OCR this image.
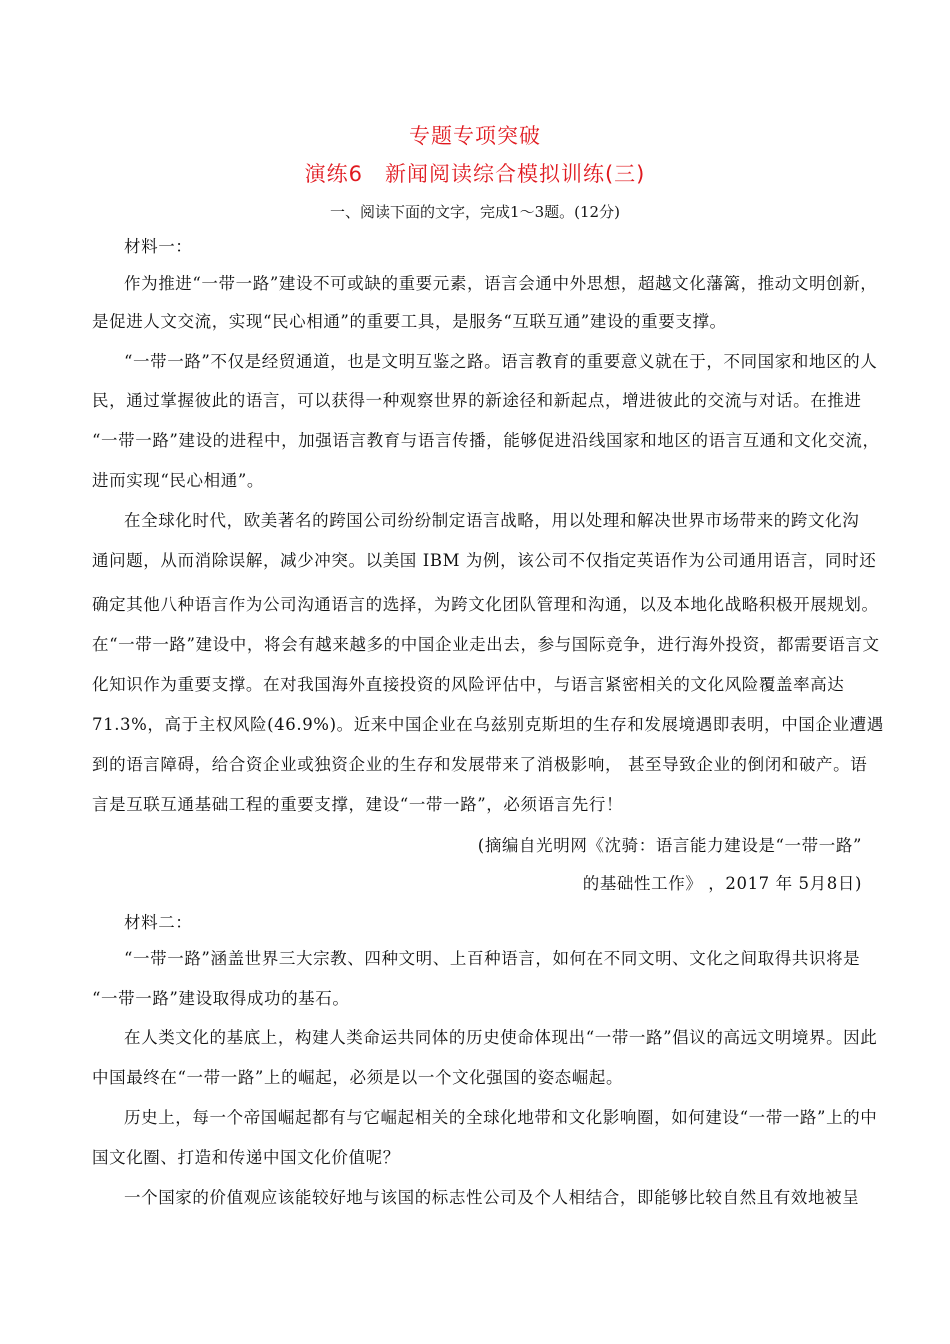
专题专项突破
演练6 新闻阅读综合模拟训练(三)
一、阅读下面的文字，完成1～3题。(12分)
材料一：
作为推进“一带一路”建设不可或缺的重要元素，语言会通中外思想，超越文化藩篱，推动文明创新，
是促进人文交流，实现“民心相通”的重要工具，是服务“互联互通”建设的重要支撑。
“一带一路”不仅是经贸通道，也是文明互鉴之路。语言教育的重要意义就在于，不同国家和地区的人
民，通过掌握彼此的语言，可以获得一种观察世界的新途径和新起点，增进彼此的交流与对话。在推进
“一带一路”建设的进程中，加强语言教育与语言传播，能够促进沿线国家和地区的语言互通和文化交流，
进而实现“民心相通”。
在全球化时代，欧美著名的跨国公司纷纷制定语言战略，用以处理和解决世界市场带来的跨文化沟
通问题，从而消除误解，减少冲突。以美国 IBM 为例，该公司不仅指定英语作为公司通用语言，同时还
确定其他八种语言作为公司沟通语言的选择，为跨文化团队管理和沟通，以及本地化战略积极开展规划。
在“一带一路”建设中，将会有越来越多的中国企业走出去，参与国际竞争，进行海外投资，都需要语言文
化知识作为重要支撑。在对我国海外直接投资的风险评估中，与语言紧密相关的文化风险覆盖率高达
71.3%，高于主权风险(46.9%)。近来中国企业在乌兹别克斯坦的生存和发展境遇即表明，中国企业遭遇
到的语言障碍，给合资企业或独资企业的生存和发展带来了消极影响， 甚至导致企业的倒闭和破产。语
言是互联互通基础工程的重要支撑，建设“一带一路”，必须语言先行！
(摘编自光明网《沈骑：语言能力建设是“一带一路”
的基础性工作》 ，2017 年 5月8日)
材料二：
“一带一路”涵盖世界三大宗教、四种文明、上百种语言，如何在不同文明、文化之间取得共识将是
“一带一路”建设取得成功的基石。
在人类文化的基底上，构建人类命运共同体的历史使命体现出“一带一路”倡议的高远文明境界。因此
中国最终在“一带一路”上的崛起，必须是以一个文化强国的姿态崛起。
历史上，每一个帝国崛起都有与它崛起相关的全球化地带和文化影响圈，如何建设“一带一路”上的中
国文化圈、打造和传递中国文化价值呢？
一个国家的价值观应该能较好地与该国的标志性公司及个人相结合，即能够比较自然且有效地被呈
